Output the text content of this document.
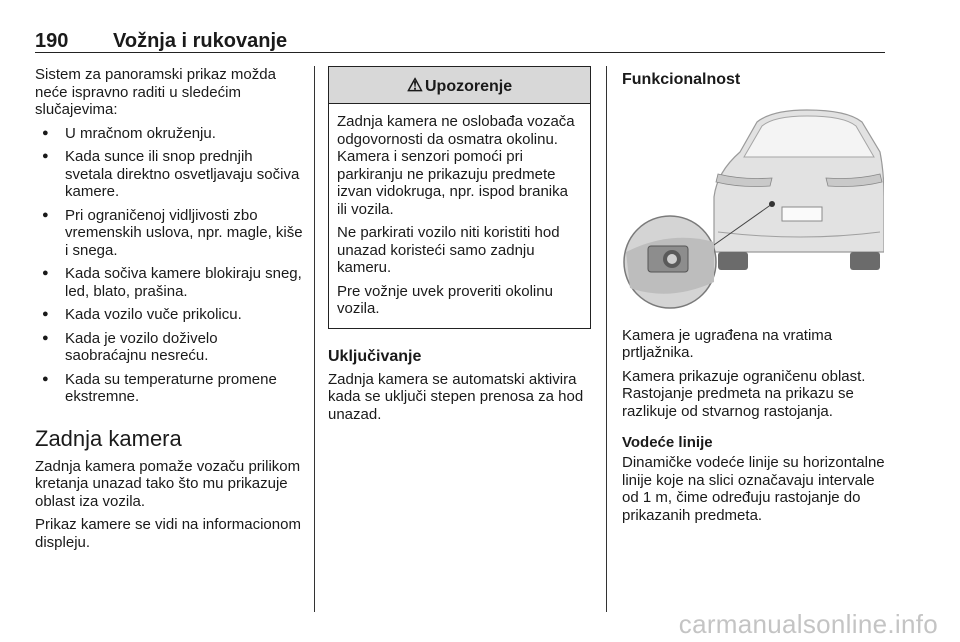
190 Vožnja i rukovanje

Sistem za panoramski prikaz možda neće ispravno raditi u sledećim slučajevima:

● U mračnom okruženju.
● Kada sunce ili snop prednjih svetala direktno osvetljavaju sočiva kamere.
● Pri ograničenoj vidljivosti zbo vremenskih uslova, npr. magle, kiše i snega.
● Kada sočiva kamere blokiraju sneg, led, blato, prašina.
● Kada vozilo vuče prikolicu.
● Kada je vozilo doživelo saobraćajnu nesreću.
● Kada su temperaturne promene ekstremne.
Zadnja kamera

Zadnja kamera pomaže vozaču prilikom kretanja unazad tako što mu prikazuje oblast iza vozila.

Prikaz kamere se vidi na informacionom displeju.

⚠ Upozorenje

Zadnja kamera ne oslobađa vozača odgovornosti da osmatra okolinu. Kamera i senzori pomoći pri parkiranju ne prikazuju predmete izvan vidokruga, npr. ispod branika ili vozila.

Ne parkirati vozilo niti koristiti hod unazad koristeći samo zadnju kameru.

Pre vožnje uvek proveriti okolinu vozila.

Uključivanje

Zadnja kamera se automatski aktivira kada se uključi stepen prenosa za hod unazad.

Funkcionalnost

Kamera je ugrađena na vratima prtljažnika.

Kamera prikazuje ograničenu oblast. Rastojanje predmeta na prikazu se razlikuje od stvarnog rastojanja.

Vodeće linije

Dinamičke vodeće linije su horizontalne linije koje na slici označavaju intervale od 1 m, čime određuju rastojanje do prikazanih predmeta.

carmanualsonline.info
